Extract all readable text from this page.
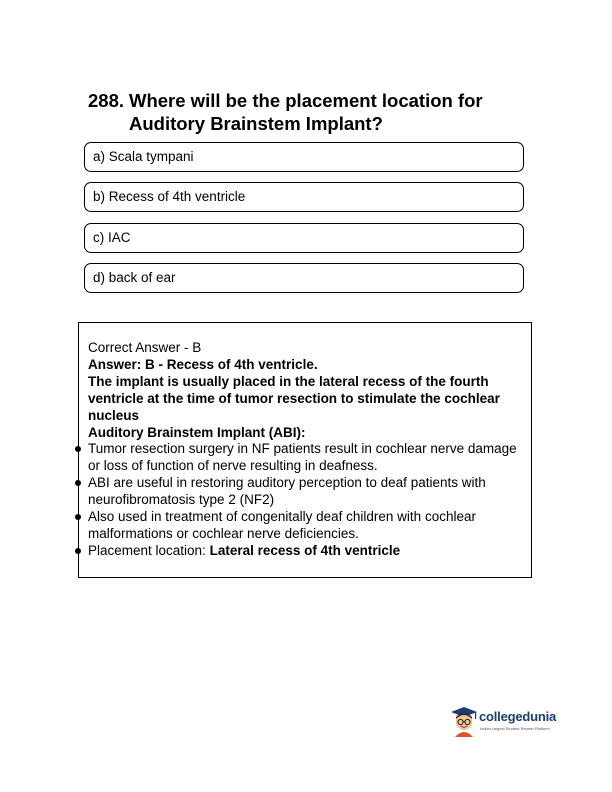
288. Where will be the placement location for Auditory Brainstem Implant?
a) Scala tympani
b) Recess of 4th ventricle
c) IAC
d) back of ear
Correct Answer - B
Answer: B - Recess of 4th ventricle.
The implant is usually placed in the lateral recess of the fourth ventricle at the time of tumor resection to stimulate the cochlear nucleus
Auditory Brainstem Implant (ABI):
Tumor resection surgery in NF patients result in cochlear nerve damage or loss of function of nerve resulting in deafness.
ABI are useful in restoring auditory perception to deaf patients with neurofibromatosis type 2 (NF2)
Also used in treatment of congenitally deaf children with cochlear malformations or cochlear nerve deficiencies.
Placement location: Lateral recess of 4th ventricle
collegedunia
India's largest Student Review Platform
